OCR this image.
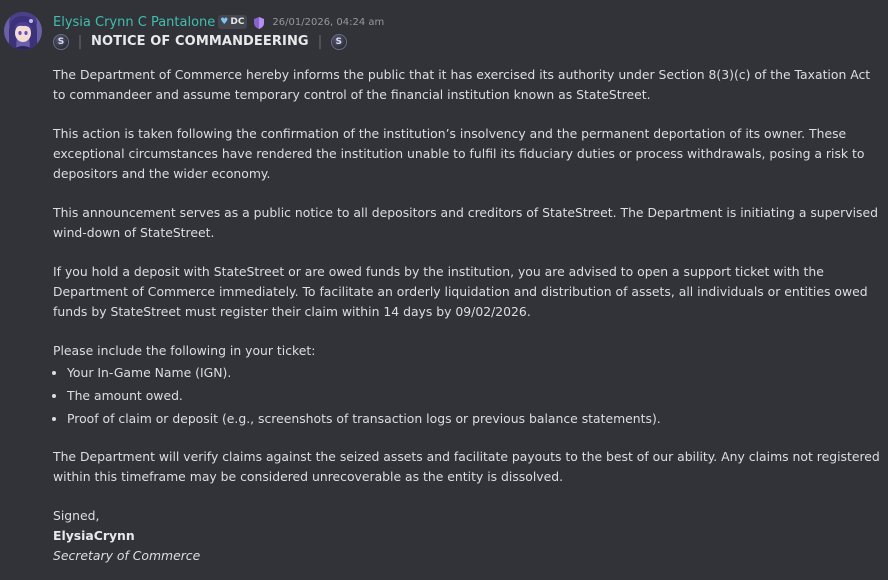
Elysia Crynn C Pantalone ♥ DC	26/01/2026, 04:24 am
S	NOTICE OF COMMANDEERING	S

The Department of Commerce hereby informs the public that it has exercised its authority under Section 8(3)(c) of the Taxation Act to commandeer and assume temporary control of the financial institution known as StateStreet.

This action is taken following the confirmation of the institution’s insolvency and the permanent deportation of its owner. These exceptional circumstances have rendered the institution unable to fulfil its fiduciary duties or process withdrawals, posing a risk to depositors and the wider economy.

This announcement serves as a public notice to all depositors and creditors of StateStreet. The Department is initiating a supervised wind-down of StateStreet.

If you hold a deposit with StateStreet or are owed funds by the institution, you are advised to open a support ticket with the Department of Commerce immediately. To facilitate an orderly liquidation and distribution of assets, all individuals or entities owed funds by StateStreet must register their claim within 14 days by 09/02/2026.

Please include the following in your ticket:
• Your In-Game Name (IGN).
• The amount owed.
• Proof of claim or deposit (e.g., screenshots of transaction logs or previous balance statements).

The Department will verify claims against the seized assets and facilitate payouts to the best of our ability. Any claims not registered within this timeframe may be considered unrecoverable as the entity is dissolved.

Signed,
ElysiaCrynn
Secretary of Commerce
